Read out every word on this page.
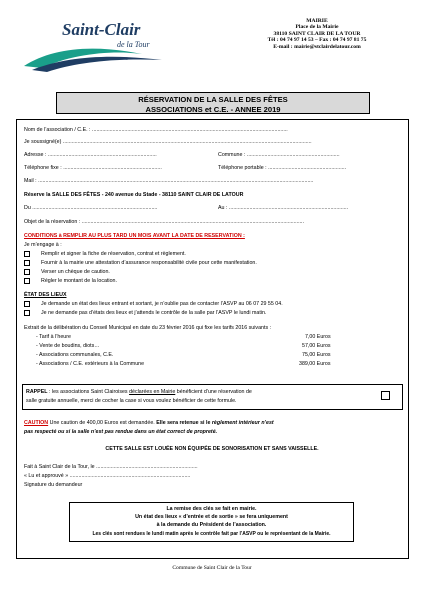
Saint-Clair
de la Tour
MAIRIE
Place de la Mairie
38110 SAINT CLAIR DE LA TOUR
Tél : 04 74 97 14 53 – Fax : 04 74 97 81 75
E-mail : mairie@stclairdelatour.com
RÉSERVATION DE LA SALLE DES FÊTES
ASSOCIATIONS et C.E. - ANNEE 2019
Nom de l’association / C.E. : .....................................................................................................................................
Je soussigné(e) .........................................................................................................................................................................
Adresse : ..........................................................................	Commune : ...............................................................
Téléphone fixe : ...................................................................	Téléphone portable : .....................................................
Mail : ...........................................................................................................................................................................................
Réserve la SALLE DES FÊTES - 240 avenue du Stade - 38110 SAINT CLAIR DE LATOUR
Du .....................................................................................	Au : .................................................................................
Objet de la réservation : .......................................................................................................................................................
CONDITIONS à REMPLIR AU PLUS TARD UN MOIS AVANT LA DATE DE RESERVATION :
Je m’engage à :
Remplir et signer la fiche de réservation, contrat et règlement.
Fournir à la mairie une attestation d’assurance responsabilité civile pour cette manifestation.
Verser un chèque de caution.
Régler le montant de la location.
ÉTAT DES LIEUX
Je demande un état des lieux entrant et sortant, je n’oublie pas de contacter l’ASVP au 06 07 29 55 04.
Je ne demande pas d’états des lieux et j’attends le contrôle de la salle par l’ASVP le lundi matin.
Extrait de la délibération du Conseil Municipal en date du 23 février 2016 qui fixe les tarifs 2016 suivants :
- Tarif à l’heure	7,00 Euros
- Vente de boudins, diots…	57,00 Euros
- Associations communales, C.E.	75,00 Euros
- Associations / C.E. extérieurs à la Commune	389,00 Euros
RAPPEL : les associations Saint Clairoises déclarées en Mairie bénéficient d’une réservation de
salle gratuite annuelle, merci de cocher la case si vous voulez bénéficier de cette formule.
CAUTION Une caution de 400,00 Euros est demandée. Elle sera retenue si le règlement intérieur n’est
pas respecté ou si la salle n’est pas rendue dans un état correct de propreté.
CETTE SALLE EST LOUÉE NON ÉQUIPÉE DE SONORISATION ET SANS VAISSELLE.
Fait à Saint Clair de la Tour, le .....................................................................
« Lu et approuvé » ..................................................................................
Signature du demandeur
La remise des clés se fait en mairie.
Un état des lieux « d’entrée et de sortie » se fera uniquement
à la demande du Président de l’association.
Les clés sont rendues le lundi matin après le contrôle fait par l’ASVP ou le représentant de la Mairie.
Commune de Saint Clair de la Tour
